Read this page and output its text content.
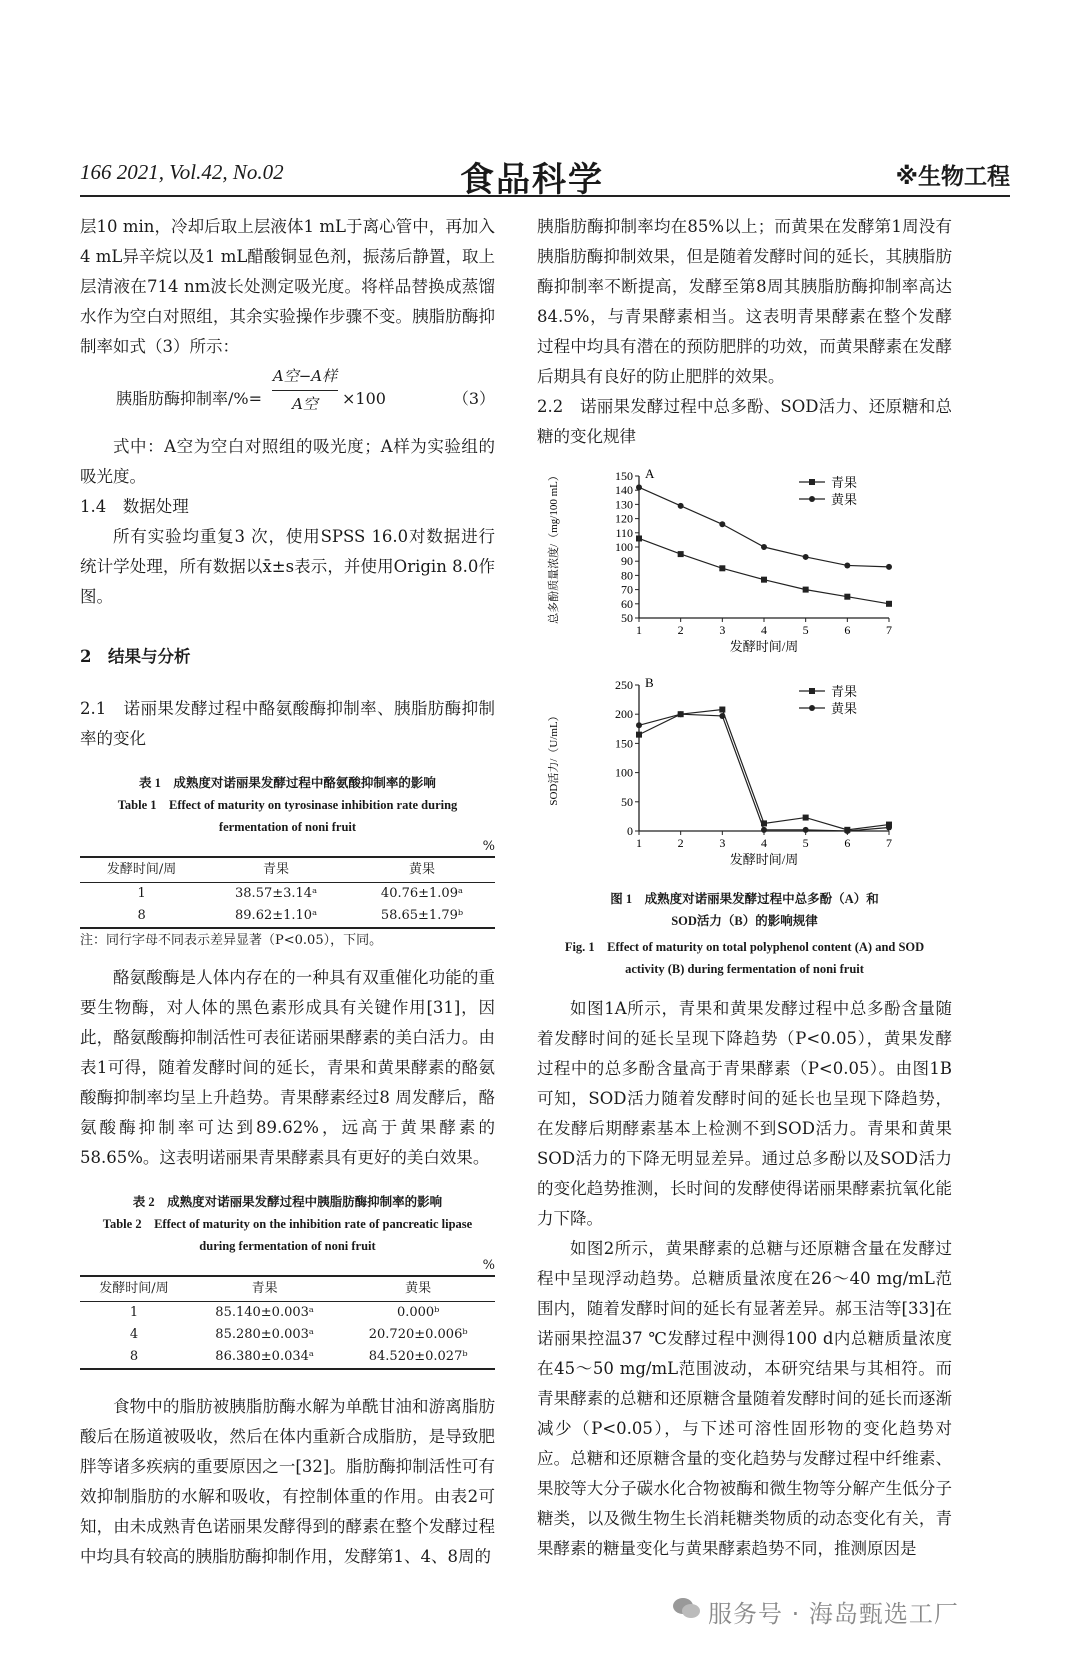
166 2021, Vol.42, No.02	食品科学	※生物工程

层10 min，冷却后取上层液体1 mL于离心管中，再加入4 mL异辛烷以及1 mL醋酸铜显色剂，振荡后静置，取上层清液在714 nm波长处测定吸光度。将样品替换成蒸馏水作为空白对照组，其余实验操作步骤不变。胰脂肪酶抑制率如式（3）所示：

胰脂肪酶抑制率/%=
A空−A样
A空	×100	（3）

式中：A空为空白对照组的吸光度；A样为实验组的吸光度。

1.4　数据处理

所有实验均重复3 次，使用SPSS 16.0对数据进行统计学处理，所有数据以x̄±s表示，并使用Origin 8.0作图。

2　结果与分析

2.1　诺丽果发酵过程中酪氨酸酶抑制率、胰脂肪酶抑制率的变化

表 1　成熟度对诺丽果发酵过程中酪氨酸抑制率的影响
Table 1　Effect of maturity on tyrosinase inhibition rate during
fermentation of noni fruit
%
发酵时间/周	青果	黄果
1	38.57±3.14ᵃ	40.76±1.09ᵃ
8	89.62±1.10ᵃ	58.65±1.79ᵇ
注：同行字母不同表示差异显著（P<0.05），下同。

酪氨酸酶是人体内存在的一种具有双重催化功能的重要生物酶，对人体的黑色素形成具有关键作用[31]，因此，酪氨酸酶抑制活性可表征诺丽果酵素的美白活力。由表1可得，随着发酵时间的延长，青果和黄果酵素的酪氨酸酶抑制率均呈上升趋势。青果酵素经过8 周发酵后，酪氨酸酶抑制率可达到89.62%，远高于黄果酵素的58.65%。这表明诺丽果青果酵素具有更好的美白效果。

表 2　成熟度对诺丽果发酵过程中胰脂肪酶抑制率的影响
Table 2　Effect of maturity on the inhibition rate of pancreatic lipase
during fermentation of noni fruit
%
发酵时间/周	青果	黄果
1	85.140±0.003ᵃ	0.000ᵇ
4	85.280±0.003ᵃ	20.720±0.006ᵇ
8	86.380±0.034ᵃ	84.520±0.027ᵇ

食物中的脂肪被胰脂肪酶水解为单酰甘油和游离脂肪酸后在肠道被吸收，然后在体内重新合成脂肪，是导致肥胖等诸多疾病的重要原因之一[32]。脂肪酶抑制活性可有效抑制脂肪的水解和吸收，有控制体重的作用。由表2可知，由未成熟青色诺丽果发酵得到的酵素在整个发酵过程中均具有较高的胰脂肪酶抑制作用，发酵第1、4、8周的

胰脂肪酶抑制率均在85%以上；而黄果在发酵第1周没有胰脂肪酶抑制效果，但是随着发酵时间的延长，其胰脂肪酶抑制率不断提高，发酵至第8周其胰脂肪酶抑制率高达84.5%，与青果酵素相当。这表明青果酵素在整个发酵过程中均具有潜在的预防肥胖的功效，而黄果酵素在发酵后期具有良好的防止肥胖的效果。

2.2　诺丽果发酵过程中总多酚、SOD活力、还原糖和总糖的变化规律

50
60
70
80
90
100
110
120
130
140
150
1	2	3	4	5	6	7
发酵时间/周
总多酚质量浓度/（mg/100 mL）	A
青果
黄果
0
50
100
150
200
250
1	2	3	4	5	6	7
发酵时间/周
SOD活力/（U/mL）
B
青果
黄果
图 1　成熟度对诺丽果发酵过程中总多酚（A）和
SOD活力（B）的影响规律
Fig. 1　Effect of maturity on total polyphenol content (A) and SOD
activity (B) during fermentation of noni fruit

如图1A所示，青果和黄果发酵过程中总多酚含量随着发酵时间的延长呈现下降趋势（P<0.05），黄果发酵过程中的总多酚含量高于青果酵素（P<0.05）。由图1B可知，SOD活力随着发酵时间的延长也呈现下降趋势，在发酵后期酵素基本上检测不到SOD活力。青果和黄果SOD活力的下降无明显差异。通过总多酚以及SOD活力的变化趋势推测，长时间的发酵使得诺丽果酵素抗氧化能力下降。

如图2所示，黄果酵素的总糖与还原糖含量在发酵过程中呈现浮动趋势。总糖质量浓度在26～40 mg/mL范围内，随着发酵时间的延长有显著差异。郝玉洁等[33]在诺丽果控温37 ℃发酵过程中测得100 d内总糖质量浓度在45～50 mg/mL范围波动，本研究结果与其相符。而青果酵素的总糖和还原糖含量随着发酵时间的延长而逐渐减少（P<0.05），与下述可溶性固形物的变化趋势对应。总糖和还原糖含量的变化趋势与发酵过程中纤维素、果胶等大分子碳水化合物被酶和微生物等分解产生低分子糖类，以及微生物生长消耗糖类物质的动态变化有关，青果酵素的糖量变化与黄果酵素趋势不同，推测原因是

服务号 · 海岛甄选工厂
